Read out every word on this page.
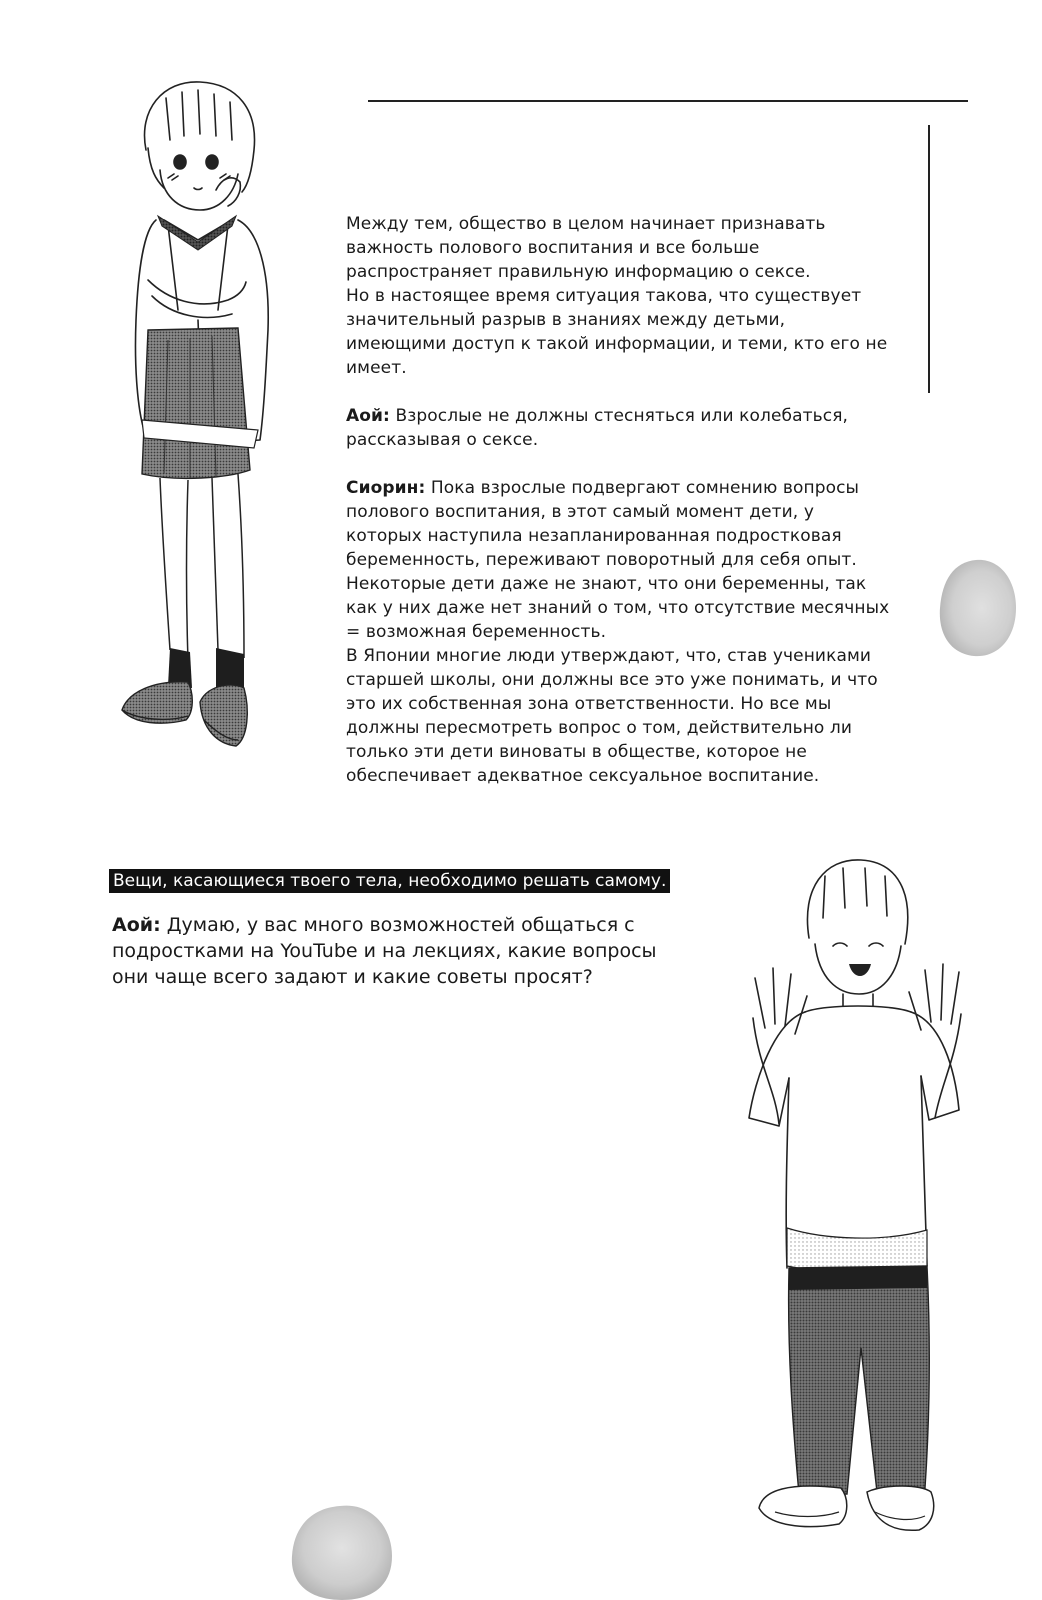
Между тем, общество в целом начинает признавать важность полового воспитания и все больше распространяет правильную информацию о сексе.
Но в настоящее время ситуация такова, что существует значительный разрыв в знаниях между детьми, имеющими доступ к такой информации, и теми, кто его не имеет.

Аой: Взрослые не должны стесняться или колебаться, рассказывая о сексе.

Сиорин: Пока взрослые подвергают сомнению вопросы полового воспитания, в этот самый момент дети, у которых наступила незапланированная подростковая беременность, переживают поворотный для себя опыт. Некоторые дети даже не знают, что они беременны, так как у них даже нет знаний о том, что отсутствие месячных = возможная беременность.
В Японии многие люди утверждают, что, став учениками старшей школы, они должны все это уже понимать, и что это их собственная зона ответственности. Но все мы должны пересмотреть вопрос о том, действительно ли только эти дети виноваты в обществе, которое не обеспечивает адекватное сексуальное воспитание.

Вещи, касающиеся твоего тела, необходимо решать самому.
Аой: Думаю, у вас много возможностей общаться с подростками на YouTube и на лекциях, какие вопросы они чаще всего задают и какие советы просят?
